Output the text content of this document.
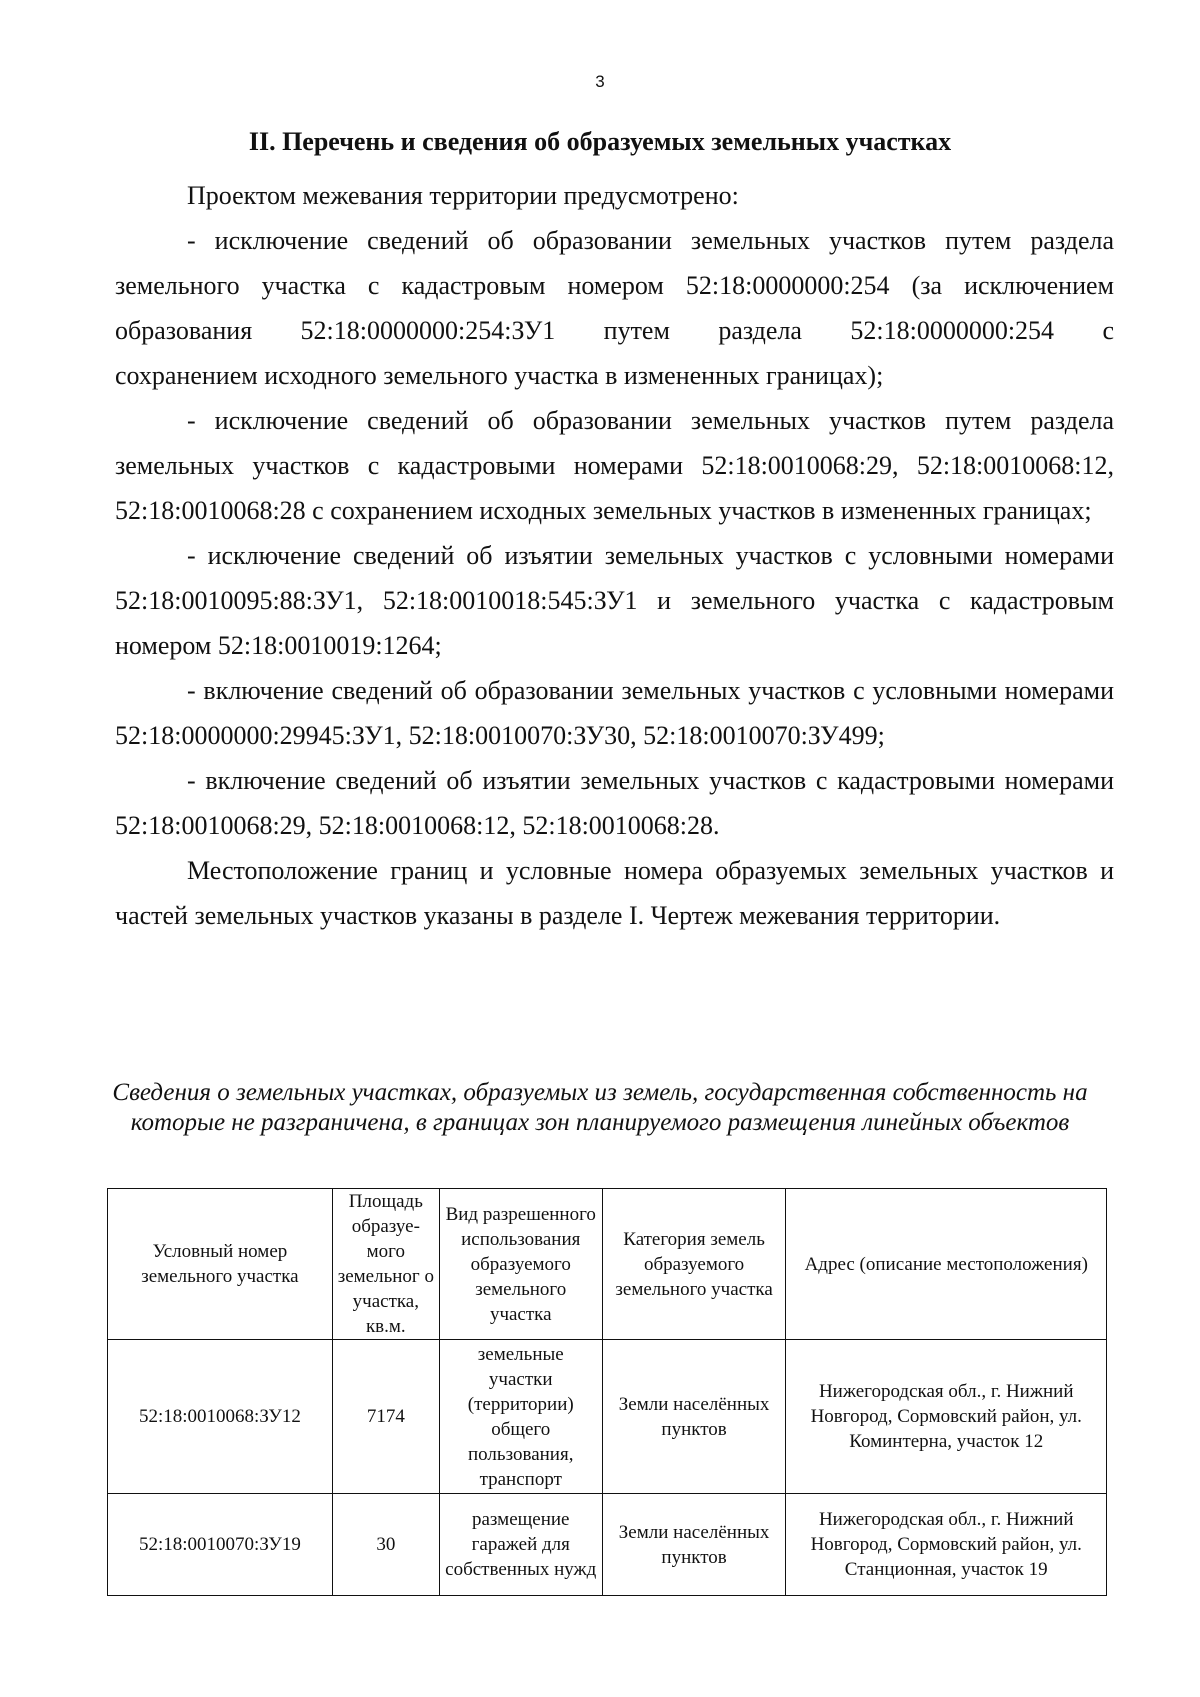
3
II. Перечень и сведения об образуемых земельных участках

Проектом межевания территории предусмотрено:

- исключение сведений об образовании земельных участков путем раздела земельного участка с кадастровым номером 52:18:0000000:254 (за исключением

образования 52:18:0000000:254:ЗУ1 путем раздела 52:18:0000000:254 с

сохранением исходного земельного участка в измененных границах);

- исключение сведений об образовании земельных участков путем раздела земельных участков с кадастровыми номерами 52:18:0010068:29, 52:18:0010068:12, 52:18:0010068:28 с сохранением исходных земельных участков в измененных границах;

- исключение сведений об изъятии земельных участков с условными номерами 52:18:0010095:88:ЗУ1, 52:18:0010018:545:ЗУ1 и земельного участка с кадастровым номером 52:18:0010019:1264;

- включение сведений об образовании земельных участков с условными номерами 52:18:0000000:29945:ЗУ1, 52:18:0010070:ЗУ30, 52:18:0010070:ЗУ499;

- включение сведений об изъятии земельных участков с кадастровыми номерами 52:18:0010068:29, 52:18:0010068:12, 52:18:0010068:28.

Местоположение границ и условные номера образуемых земельных участков и частей земельных участков указаны в разделе I. Чертеж межевания территории.

Сведения о земельных участках, образуемых из земель, государственная собственность на которые не разграничена, в границах зон планируемого размещения линейных объектов
Условный номер земельного участка	Площадь образуе-мого земельног о участка, кв.м.	Вид разрешенного использования образуемого земельного участка	Категория земель образуемого земельного участка	Адрес (описание местоположения)
52:18:0010068:ЗУ12	7174	земельные участки (территории) общего пользования, транспорт	Земли населённых пунктов	Нижегородская обл., г. Нижний Новгород, Сормовский район, ул. Коминтерна, участок 12
52:18:0010070:ЗУ19	30	размещение гаражей для собственных нужд	Земли населённых пунктов	Нижегородская обл., г. Нижний Новгород, Сормовский район, ул. Станционная, участок 19
